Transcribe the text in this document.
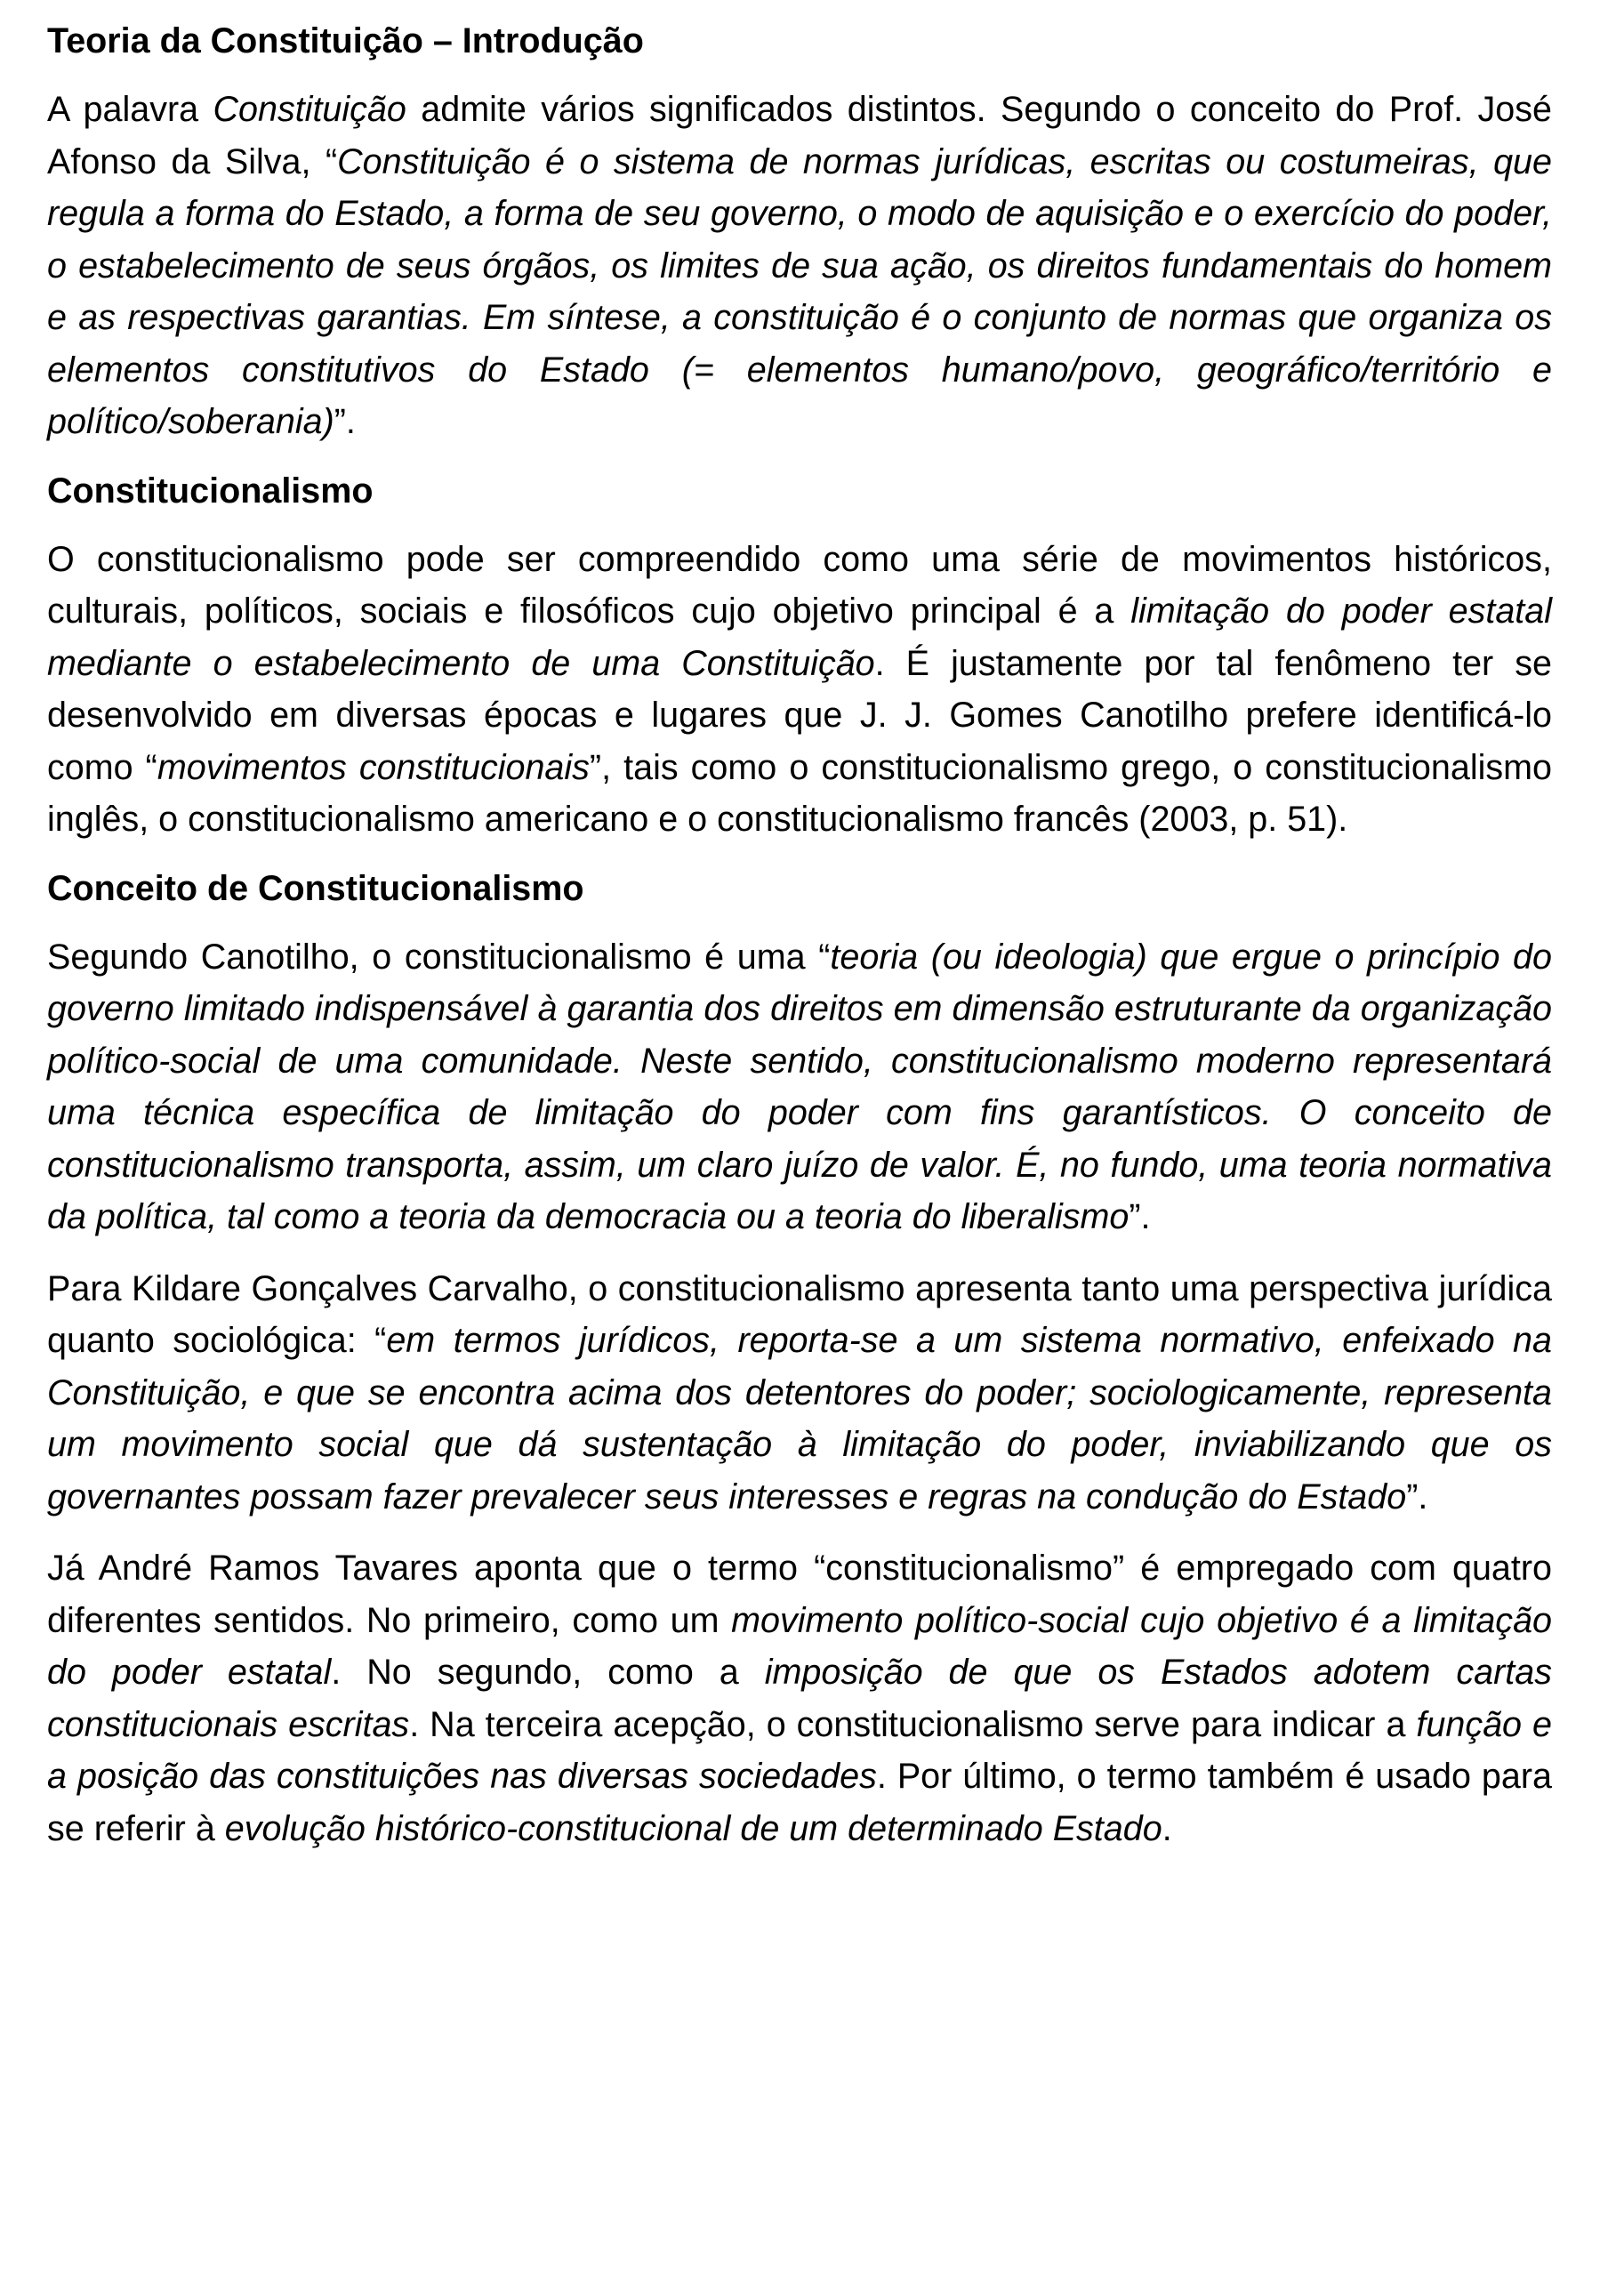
Teoria da Constituição – Introdução

A palavra Constituição admite vários significados distintos. Segundo o conceito do Prof. José Afonso da Silva, “Constituição é o sistema de normas jurídicas, escritas ou costumeiras, que regula a forma do Estado, a forma de seu governo, o modo de aquisição e o exercício do poder, o estabelecimento de seus órgãos, os limites de sua ação, os direitos fundamentais do homem e as respectivas garantias. Em síntese, a constituição é o conjunto de normas que organiza os elementos constitutivos do Estado (= elementos humano/povo, geográfico/território e político/soberania)”.

Constitucionalismo

O constitucionalismo pode ser compreendido como uma série de movimentos históricos, culturais, políticos, sociais e filosóficos cujo objetivo principal é a limitação do poder estatal mediante o estabelecimento de uma Constituição. É justamente por tal fenômeno ter se desenvolvido em diversas épocas e lugares que J. J. Gomes Canotilho prefere identificá-lo como “movimentos constitucionais”, tais como o constitucionalismo grego, o constitucionalismo inglês, o constitucionalismo americano e o constitucionalismo francês (2003, p. 51).

Conceito de Constitucionalismo

Segundo Canotilho, o constitucionalismo é uma “teoria (ou ideologia) que ergue o princípio do governo limitado indispensável à garantia dos direitos em dimensão estruturante da organização político-social de uma comunidade. Neste sentido, constitucionalismo moderno representará uma técnica específica de limitação do poder com fins garantísticos. O conceito de constitucionalismo transporta, assim, um claro juízo de valor. É, no fundo, uma teoria normativa da política, tal como a teoria da democracia ou a teoria do liberalismo”.

Para Kildare Gonçalves Carvalho, o constitucionalismo apresenta tanto uma perspectiva jurídica quanto sociológica: “em termos jurídicos, reporta-se a um sistema normativo, enfeixado na Constituição, e que se encontra acima dos detentores do poder; sociologicamente, representa um movimento social que dá sustentação à limitação do poder, inviabilizando que os governantes possam fazer prevalecer seus interesses e regras na condução do Estado”.

Já André Ramos Tavares aponta que o termo “constitucionalismo” é empregado com quatro diferentes sentidos. No primeiro, como um movimento político-social cujo objetivo é a limitação do poder estatal. No segundo, como a imposição de que os Estados adotem cartas constitucionais escritas. Na terceira acepção, o constitucionalismo serve para indicar a função e a posição das constituições nas diversas sociedades. Por último, o termo também é usado para se referir à evolução histórico-constitucional de um determinado Estado.
